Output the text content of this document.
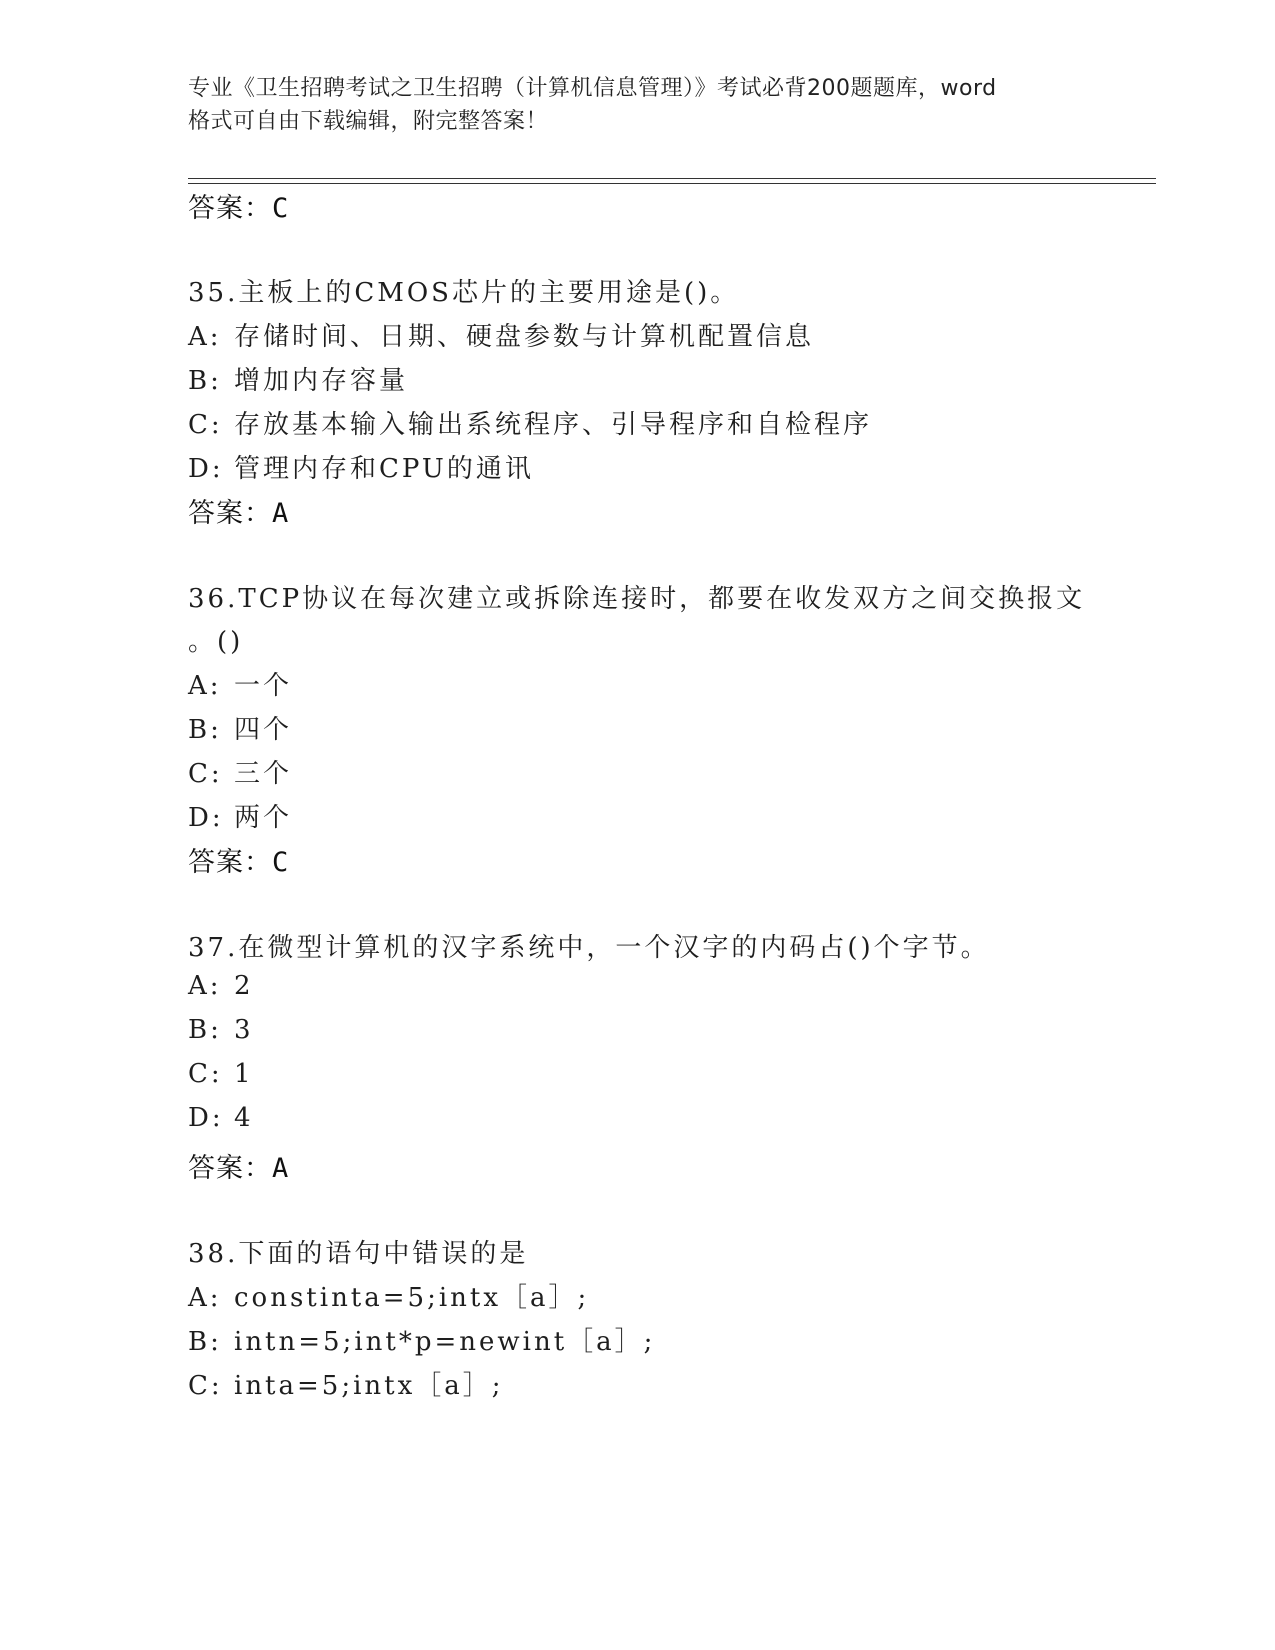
专业《卫生招聘考试之卫生招聘（计算机信息管理）》考试必背200题题库，word
格式可自由下载编辑，附完整答案！
答案：C
35.主板上的CMOS芯片的主要用途是()。
A: 存储时间、日期、硬盘参数与计算机配置信息
B: 增加内存容量
C: 存放基本输入输出系统程序、引导程序和自检程序
D: 管理内存和CPU的通讯
答案：A
36.TCP协议在每次建立或拆除连接时，都要在收发双方之间交换报文
。()
A: 一个
B: 四个
C: 三个
D: 两个
答案：C
37.在微型计算机的汉字系统中，一个汉字的内码占()个字节。
A: 2
B: 3
C: 1
D: 4
答案：A
38.下面的语句中错误的是
A: constinta=5;intx［a］;
B: intn=5;int*p=newint［a］;
C: inta=5;intx［a］;
